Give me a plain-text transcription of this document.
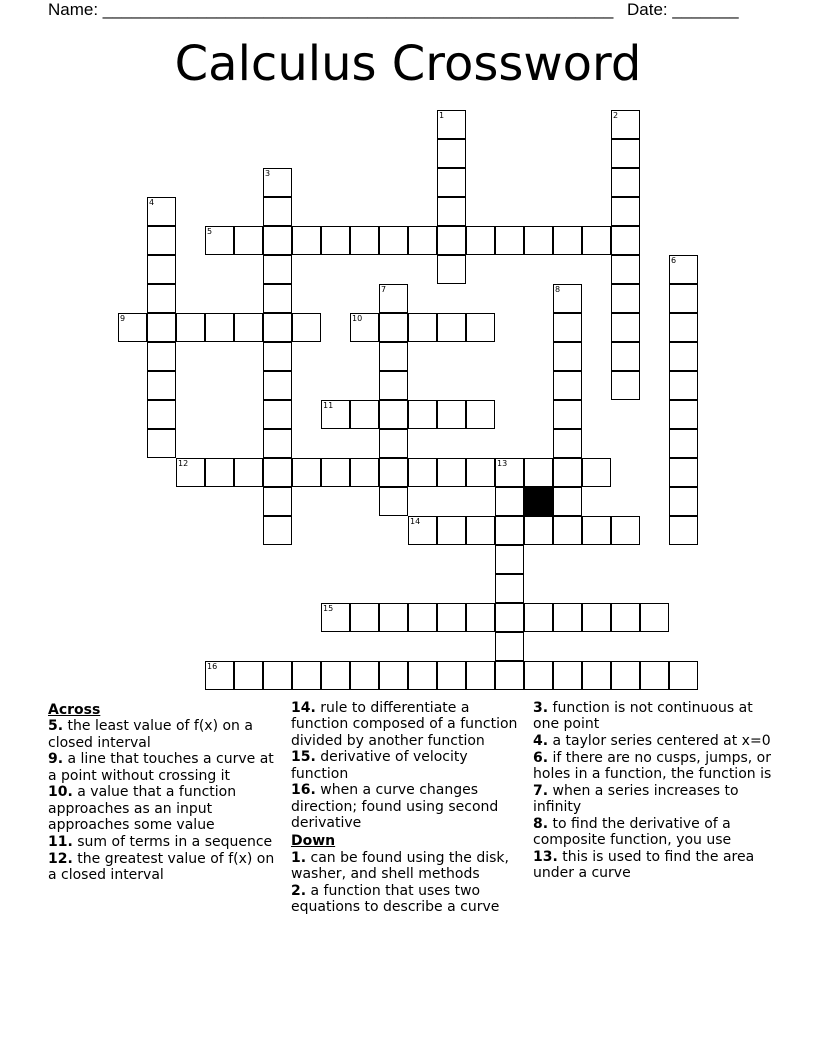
Name: ______________________________________________________ Date: _______
Calculus Crossword
5
1	2
3
4
6
7	8
9	10
11
12	13
14
15
16
Across
5. the least value of f(x) on a closed interval
9. a line that touches a curve at a point without crossing it
10. a value that a function approaches as an input approaches some value
11. sum of terms in a sequence
12. the greatest value of f(x) on a closed interval
14. rule to differentiate a function composed of a function divided by another function
15. derivative of velocity function
16. when a curve changes direction; found using second derivative
Down
1. can be found using the disk, washer, and shell methods
2. a function that uses two equations to describe a curve
3. function is not continuous at one point
4. a taylor series centered at x=0
6. if there are no cusps, jumps, or holes in a function, the function is
7. when a series increases to infinity
8. to find the derivative of a composite function, you use
13. this is used to find the area under a curve
